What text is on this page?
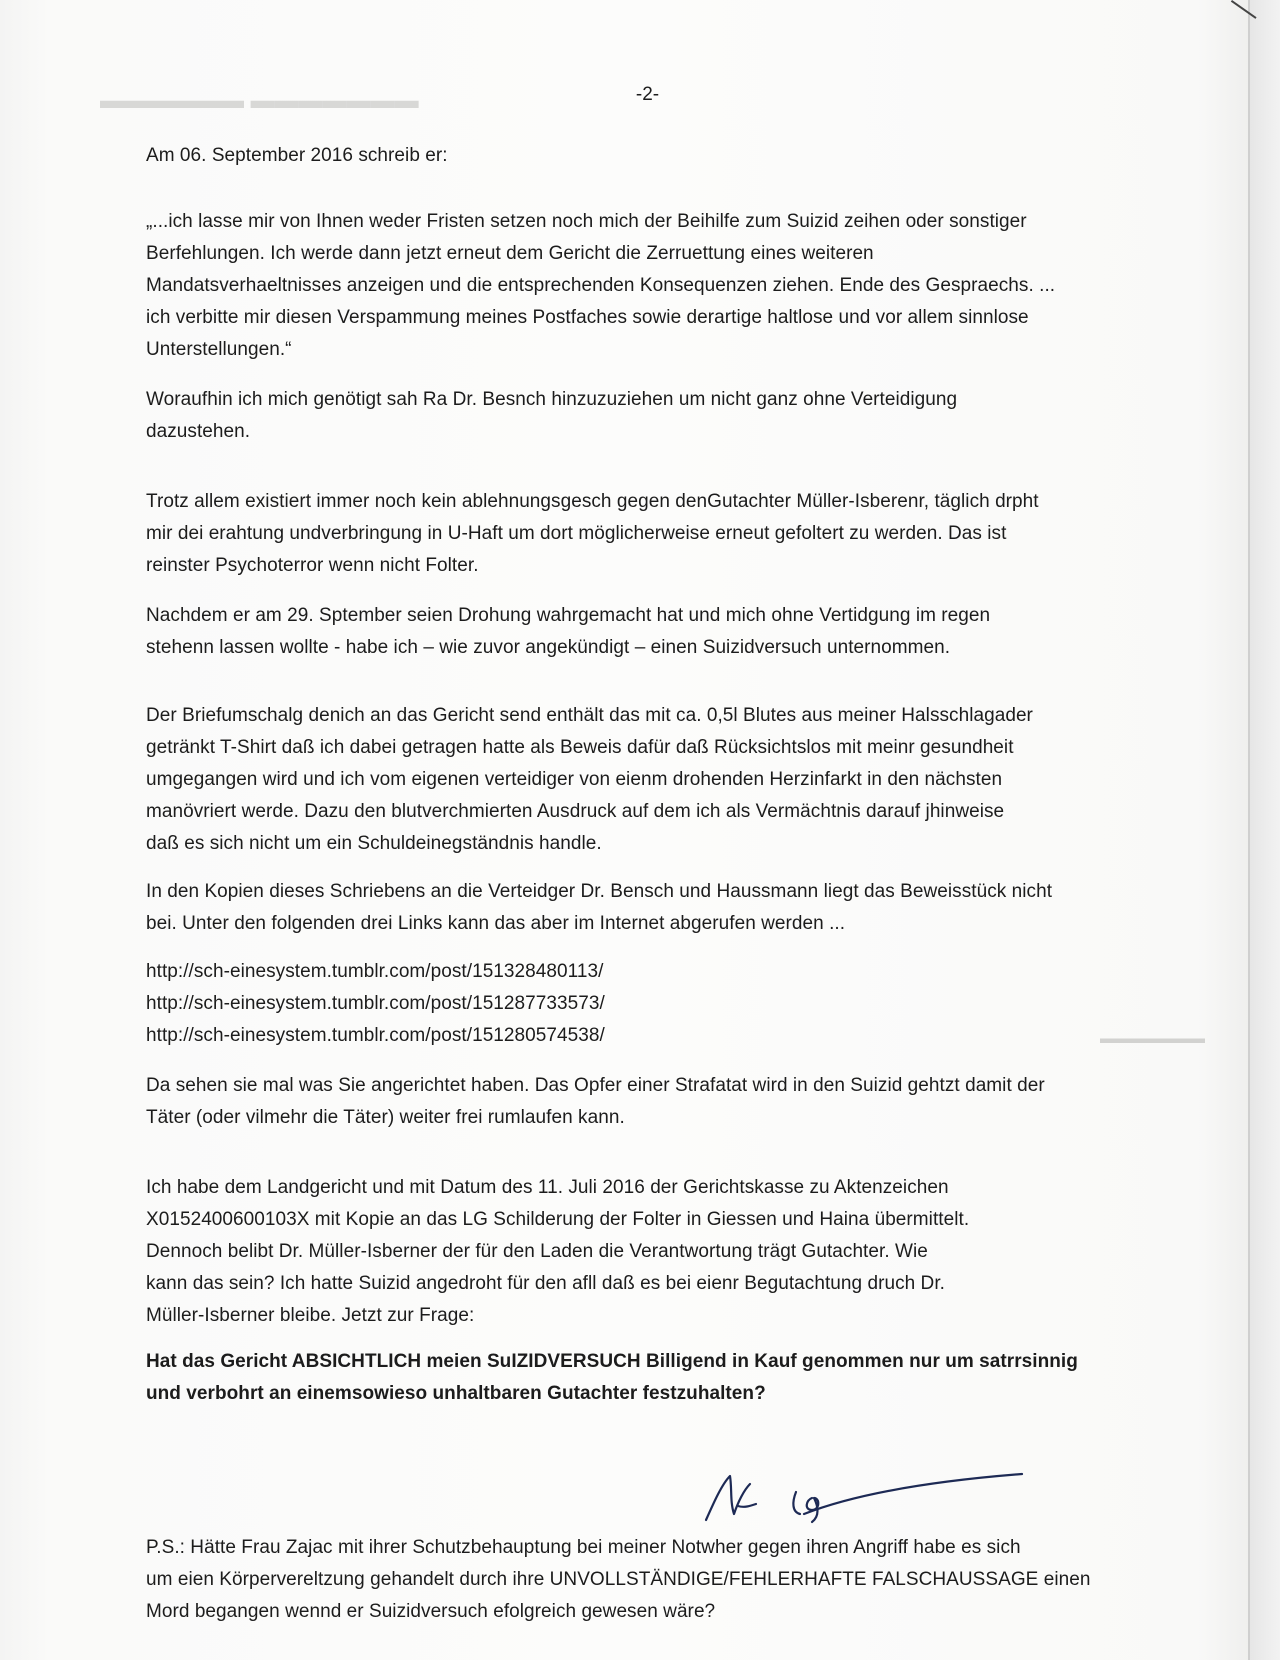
▬▬▬▬▬▬ ▬▬▬▬▬▬▬
▬▬▬▬▬▬▬
-2-

Am 06. September 2016 schreib er:

„...ich lasse mir von Ihnen weder Fristen setzen noch mich der Beihilfe zum Suizid zeihen oder sonstiger
Berfehlungen. Ich werde dann jetzt erneut dem Gericht die Zerruettung eines weiteren
Mandatsverhaeltnisses anzeigen und die entsprechenden Konsequenzen ziehen. Ende des Gespraechs. ...
ich verbitte mir diesen Verspammung meines Postfaches sowie derartige haltlose und vor allem sinnlose
Unterstellungen.“

Woraufhin ich mich genötigt sah Ra Dr. Besnch hinzuzuziehen um nicht ganz ohne Verteidigung
dazustehen.

Trotz allem existiert immer noch kein ablehnungsgesch gegen denGutachter Müller-Isberenr, täglich drpht
mir dei erahtung undverbringung in U-Haft um dort möglicherweise erneut gefoltert zu werden. Das ist
reinster Psychoterror wenn nicht Folter.

Nachdem er am 29. Sptember seien Drohung wahrgemacht hat und mich ohne Vertidgung im regen
stehenn lassen wollte - habe ich – wie zuvor angekündigt – einen Suizidversuch unternommen.

Der Briefumschalg denich an das Gericht send enthält das mit ca. 0,5l Blutes aus meiner Halsschlagader
getränkt T-Shirt daß ich dabei getragen hatte als Beweis dafür daß Rücksichtslos mit meinr gesundheit
umgegangen wird und ich vom eigenen verteidiger von eienm drohenden Herzinfarkt in den nächsten
manövriert werde. Dazu den blutverchmierten Ausdruck auf dem ich als Vermächtnis darauf jhinweise
daß es sich nicht um ein Schuldeinegständnis handle.

In den Kopien dieses Schriebens an die Verteidger Dr. Bensch und Haussmann liegt das Beweisstück nicht
bei. Unter den folgenden drei Links kann das aber im Internet abgerufen werden ...

http://sch-einesystem.tumblr.com/post/151328480113/
http://sch-einesystem.tumblr.com/post/151287733573/
http://sch-einesystem.tumblr.com/post/151280574538/

Da sehen sie mal was Sie angerichtet haben. Das Opfer einer Strafatat wird in den Suizid gehtzt damit der
Täter (oder vilmehr die Täter) weiter frei rumlaufen kann.

Ich habe dem Landgericht und mit Datum des 11. Juli 2016 der Gerichtskasse zu Aktenzeichen
X0152400600103X mit Kopie an das LG Schilderung der Folter in Giessen und Haina übermittelt.
Dennoch belibt Dr. Müller-Isberner der für den Laden die Verantwortung trägt Gutachter. Wie
kann das sein? Ich hatte Suizid angedroht für den afll daß es bei eienr Begutachtung druch Dr.
Müller-Isberner bleibe. Jetzt zur Frage:

Hat das Gericht ABSICHTLICH meien SuIZIDVERSUCH Billigend in Kauf genommen nur um satrrsinnig
und verbohrt an einemsowieso unhaltbaren Gutachter festzuhalten?

P.S.: Hätte Frau Zajac mit ihrer Schutzbehauptung bei meiner Notwher gegen ihren Angriff habe es sich
um eien Körpervereltzung gehandelt durch ihre UNVOLLSTÄNDIGE/FEHLERHAFTE FALSCHAUSSAGE einen
Mord begangen wennd er Suizidversuch efolgreich gewesen wäre?
